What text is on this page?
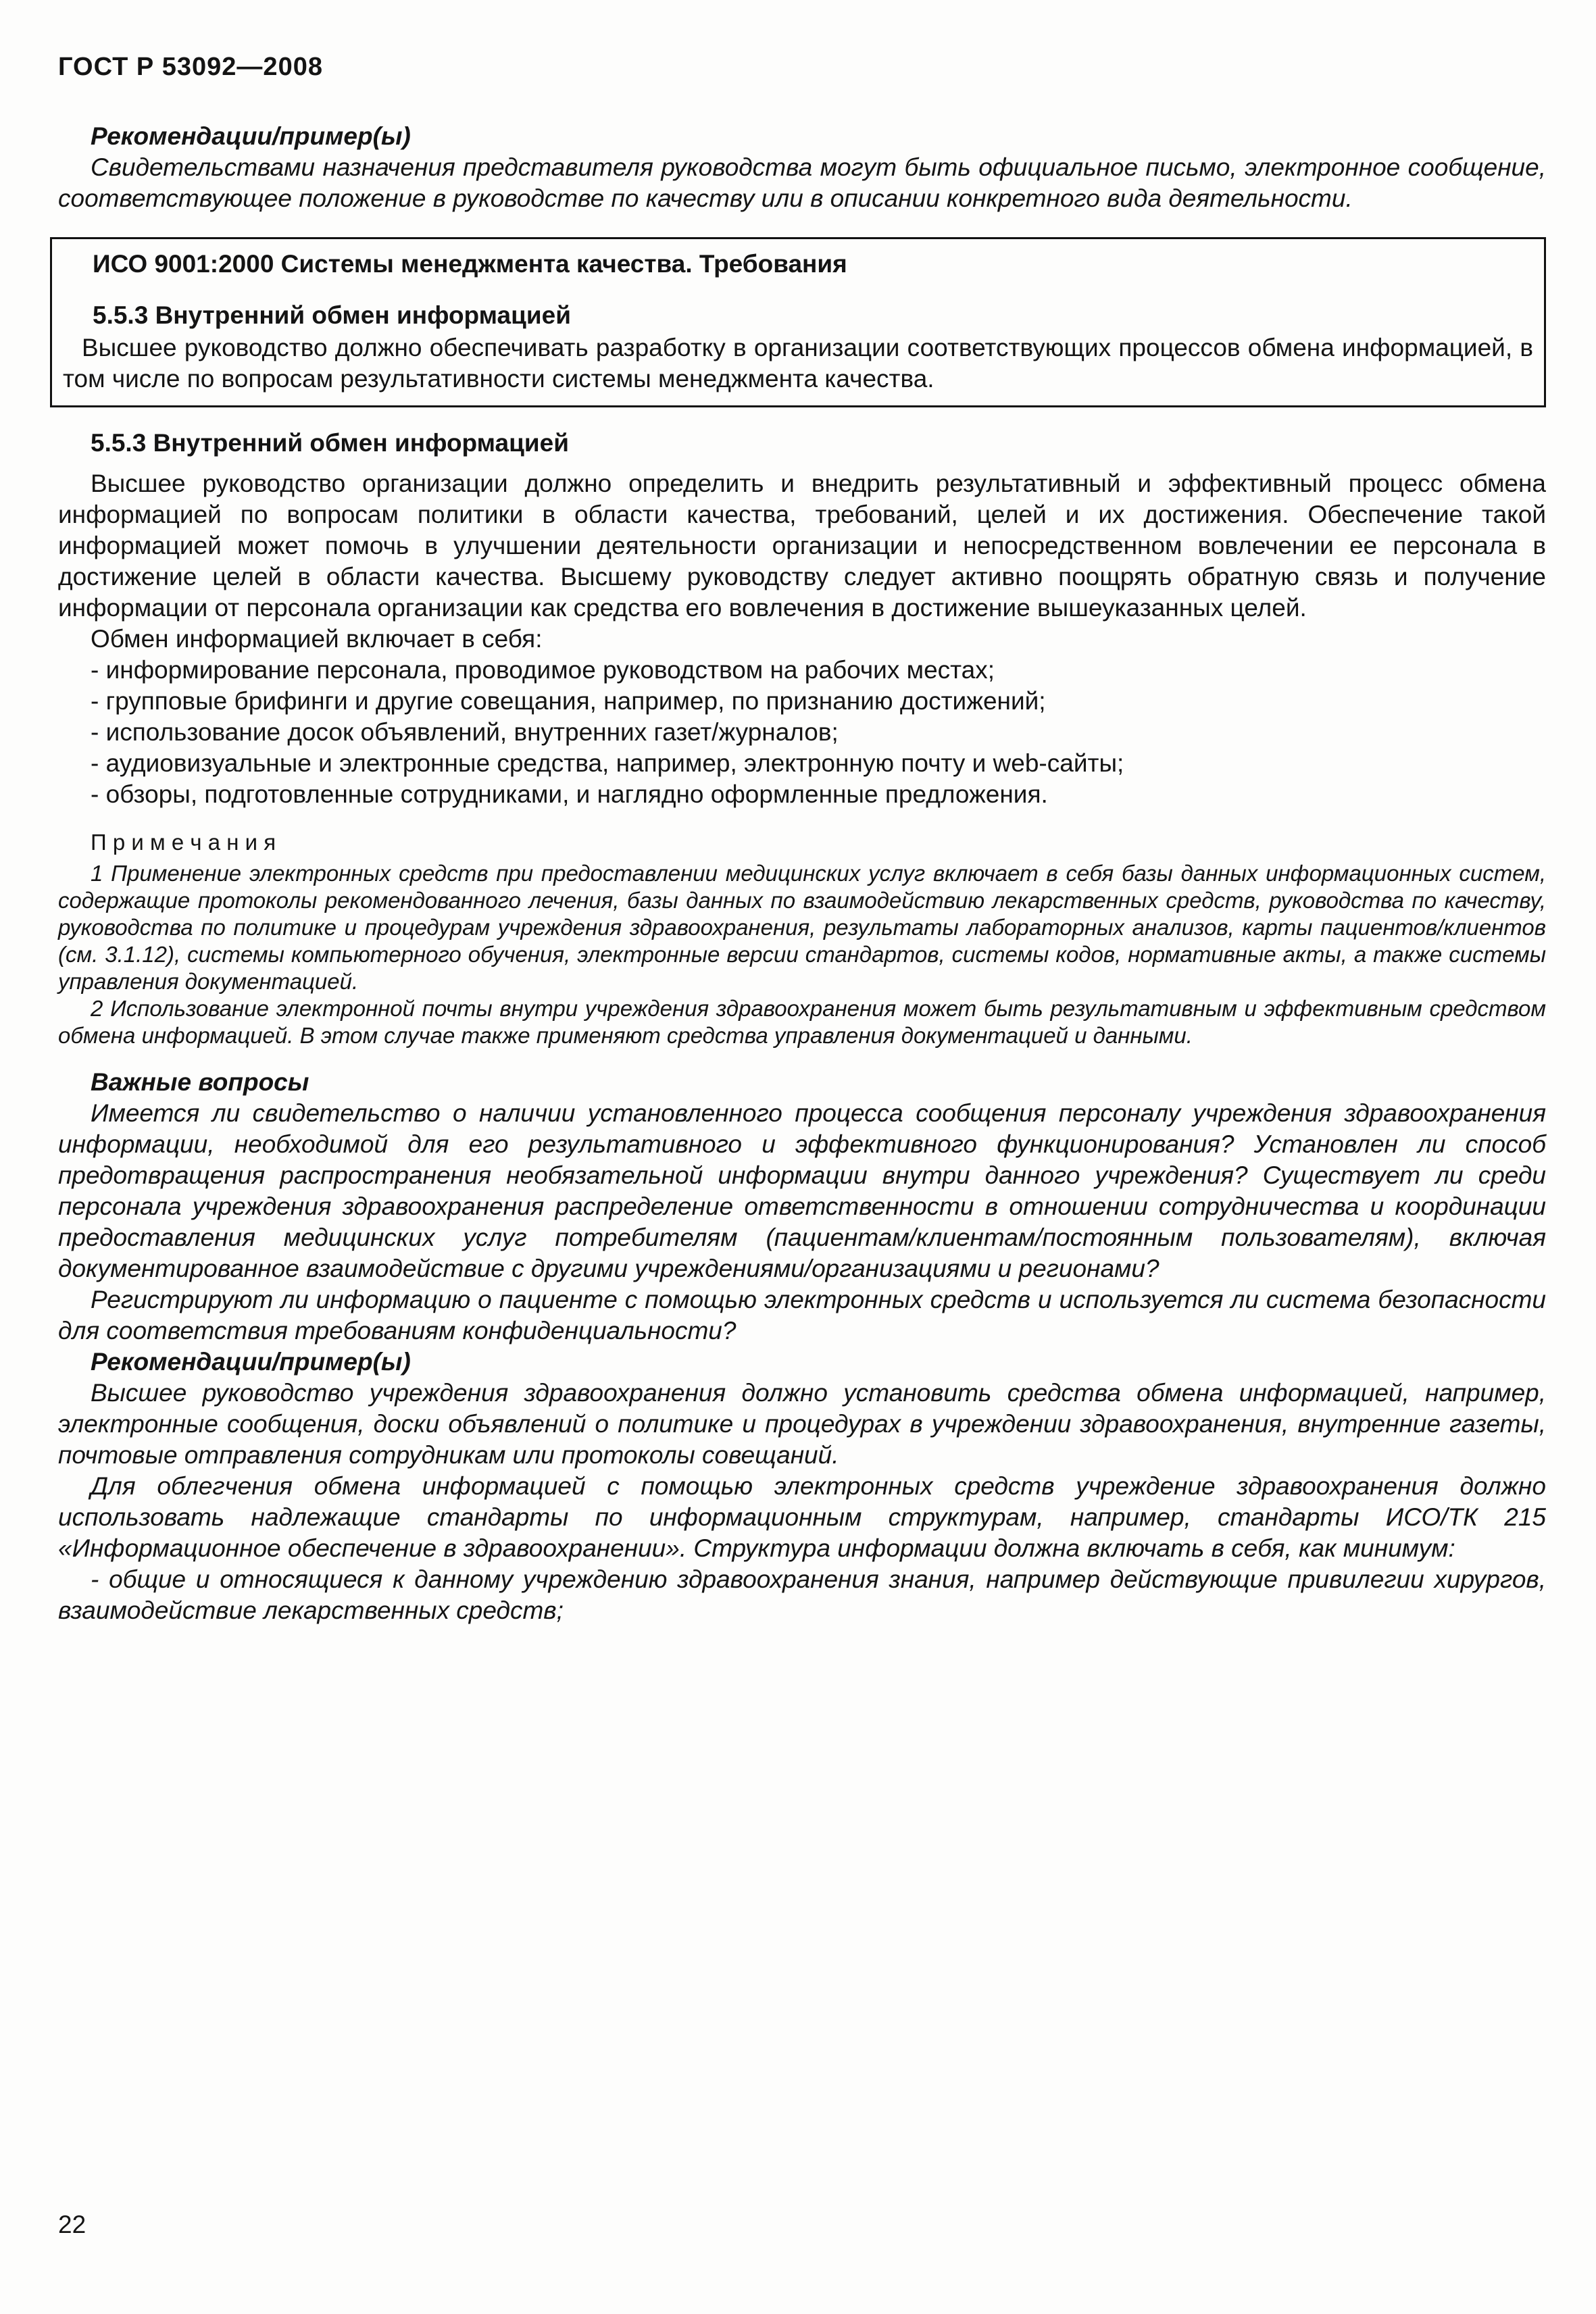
ГОСТ Р 53092—2008

Рекомендации/пример(ы)

Свидетельствами назначения представителя руководства могут быть официальное письмо, электронное сообщение, соответствующее положение в руководстве по качеству или в описании конкретного вида деятельности.

ИСО 9001:2000 Системы менеджмента качества. Требования

5.5.3 Внутренний обмен информацией

Высшее руководство должно обеспечивать разработку в организации соответствующих процессов обмена информацией, в том числе по вопросам результативности системы менеджмента качества.

5.5.3 Внутренний обмен информацией

Высшее руководство организации должно определить и внедрить результативный и эффективный процесс обмена информацией по вопросам политики в области качества, требований, целей и их достижения. Обеспечение такой информацией может помочь в улучшении деятельности организации и непосредственном вовлечении ее персонала в достижение целей в области качества. Высшему руководству следует активно поощрять обратную связь и получение информации от персонала организации как средства его вовлечения в достижение вышеуказанных целей.

Обмен информацией включает в себя:

- информирование персонала, проводимое руководством на рабочих местах;

- групповые брифинги и другие совещания, например, по признанию достижений;

- использование досок объявлений, внутренних газет/журналов;

- аудиовизуальные и электронные средства, например, электронную почту и web-сайты;

- обзоры, подготовленные сотрудниками, и наглядно оформленные предложения.

П р и м е ч а н и я

1 Применение электронных средств при предоставлении медицинских услуг включает в себя базы данных информационных систем, содержащие протоколы рекомендованного лечения, базы данных по взаимодействию лекарственных средств, руководства по качеству, руководства по политике и процедурам учреждения здравоохранения, результаты лабораторных анализов, карты пациентов/клиентов (см. 3.1.12), системы компьютерного обучения, электронные версии стандартов, системы кодов, нормативные акты, а также системы управления документацией.

2 Использование электронной почты внутри учреждения здравоохранения может быть результативным и эффективным средством обмена информацией. В этом случае также применяют средства управления документацией и данными.

Важные вопросы

Имеется ли свидетельство о наличии установленного процесса сообщения персоналу учреждения здравоохранения информации, необходимой для его результативного и эффективного функционирования? Установлен ли способ предотвращения распространения необязательной информации внутри данного учреждения? Существует ли среди персонала учреждения здравоохранения распределение ответственности в отношении сотрудничества и координации предоставления медицинских услуг потребителям (пациентам/клиентам/постоянным пользователям), включая документированное взаимодействие с другими учреждениями/организациями и регионами?

Регистрируют ли информацию о пациенте с помощью электронных средств и используется ли система безопасности для соответствия требованиям конфиденциальности?

Рекомендации/пример(ы)

Высшее руководство учреждения здравоохранения должно установить средства обмена информацией, например, электронные сообщения, доски объявлений о политике и процедурах в учреждении здравоохранения, внутренние газеты, почтовые отправления сотрудникам или протоколы совещаний.

Для облегчения обмена информацией с помощью электронных средств учреждение здравоохранения должно использовать надлежащие стандарты по информационным структурам, например, стандарты ИСО/ТК 215 «Информационное обеспечение в здравоохранении». Структура информации должна включать в себя, как минимум:

- общие и относящиеся к данному учреждению здравоохранения знания, например действующие привилегии хирургов, взаимодействие лекарственных средств;

22
